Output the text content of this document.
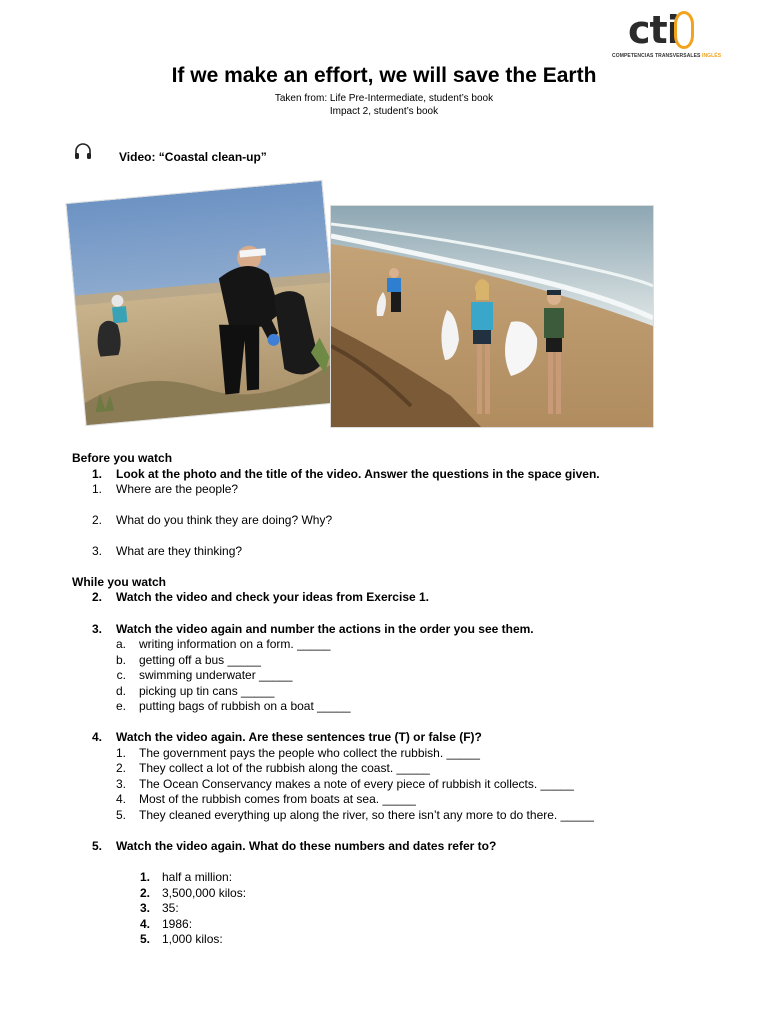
cti
COMPETENCIAS TRANSVERSALES INGLÉS
If we make an effort, we will save the Earth
Taken from: Life Pre-Intermediate, student’s book
Impact 2, student’s book
Video: “Coastal clean-up”
Before you watch
1. Look at the photo and the title of the video. Answer the questions in the space given.
1. Where are the people?
2. What do you think they are doing? Why?
3. What are they thinking?
While you watch
2. Watch the video and check your ideas from Exercise 1.
3. Watch the video again and number the actions in the order you see them.
a. writing information on a form. _____
b. getting off a bus _____
c. swimming underwater _____
d. picking up tin cans _____
e. putting bags of rubbish on a boat _____
4. Watch the video again. Are these sentences true (T) or false (F)?
1. The government pays the people who collect the rubbish. _____
2. They collect a lot of the rubbish along the coast. _____
3. The Ocean Conservancy makes a note of every piece of rubbish it collects. _____
4. Most of the rubbish comes from boats at sea. _____
5. They cleaned everything up along the river, so there isn’t any more to do there. _____
5. Watch the video again. What do these numbers and dates refer to?
1. half a million:
2. 3,500,000 kilos:
3. 35:
4. 1986:
5. 1,000 kilos:
